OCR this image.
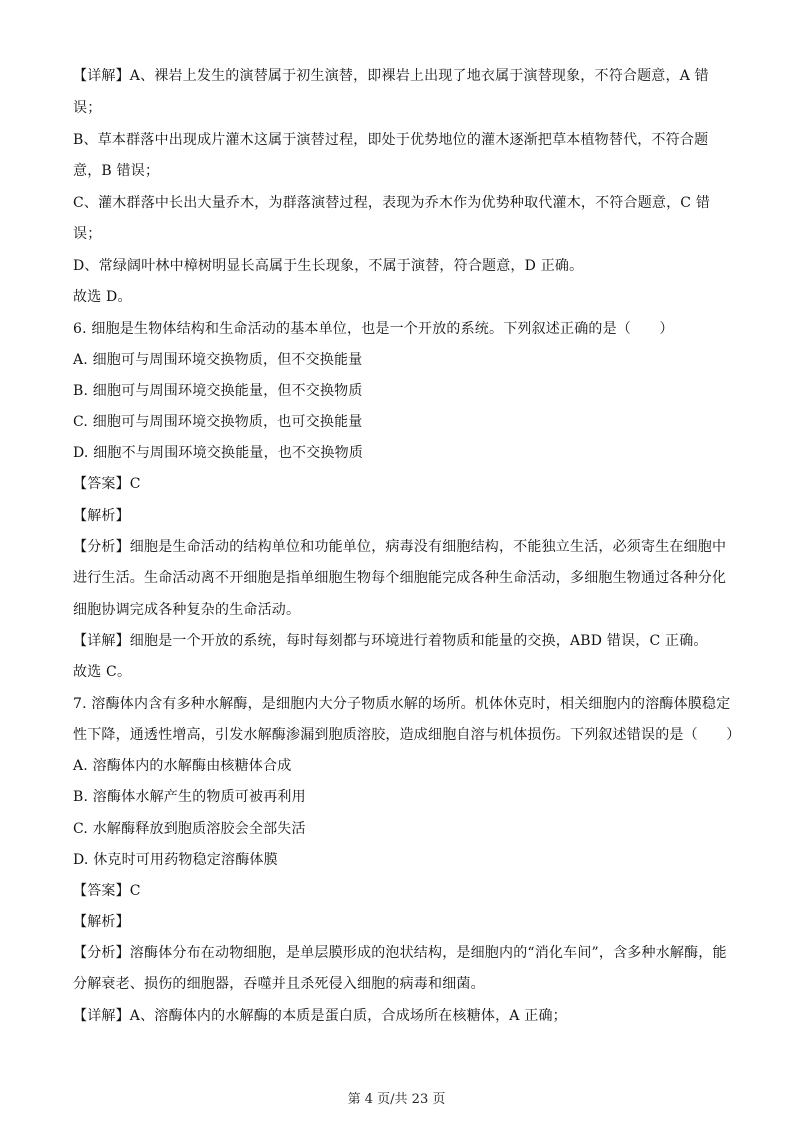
【详解】A、裸岩上发生的演替属于初生演替，即裸岩上出现了地衣属于演替现象，不符合题意，A 错
误；
B、草本群落中出现成片灌木这属于演替过程，即处于优势地位的灌木逐渐把草本植物替代，不符合题
意，B 错误；
C、灌木群落中长出大量乔木，为群落演替过程，表现为乔木作为优势种取代灌木，不符合题意，C 错
误；
D、常绿阔叶林中樟树明显长高属于生长现象，不属于演替，符合题意，D 正确。
故选 D。
6. 细胞是生物体结构和生命活动的基本单位，也是一个开放的系统。下列叙述正确的是（　　）
A. 细胞可与周围环境交换物质，但不交换能量
B. 细胞可与周围环境交换能量，但不交换物质
C. 细胞可与周围环境交换物质，也可交换能量
D. 细胞不与周围环境交换能量，也不交换物质
【答案】C
【解析】
【分析】细胞是生命活动的结构单位和功能单位，病毒没有细胞结构，不能独立生活，必须寄生在细胞中
进行生活。生命活动离不开细胞是指单细胞生物每个细胞能完成各种生命活动，多细胞生物通过各种分化
细胞协调完成各种复杂的生命活动。
【详解】细胞是一个开放的系统，每时每刻都与环境进行着物质和能量的交换，ABD 错误，C 正确。
故选 C。
7. 溶酶体内含有多种水解酶，是细胞内大分子物质水解的场所。机体休克时，相关细胞内的溶酶体膜稳定
性下降，通透性增高，引发水解酶渗漏到胞质溶胶，造成细胞自溶与机体损伤。下列叙述错误的是（　　）
A. 溶酶体内的水解酶由核糖体合成
B. 溶酶体水解产生的物质可被再利用
C. 水解酶释放到胞质溶胶会全部失活
D. 休克时可用药物稳定溶酶体膜
【答案】C
【解析】
【分析】溶酶体分布在动物细胞，是单层膜形成的泡状结构，是细胞内的“消化车间”，含多种水解酶，能
分解衰老、损伤的细胞器，吞噬并且杀死侵入细胞的病毒和细菌。
【详解】A、溶酶体内的水解酶的本质是蛋白质，合成场所在核糖体，A 正确；
第 4 页/共 23 页
